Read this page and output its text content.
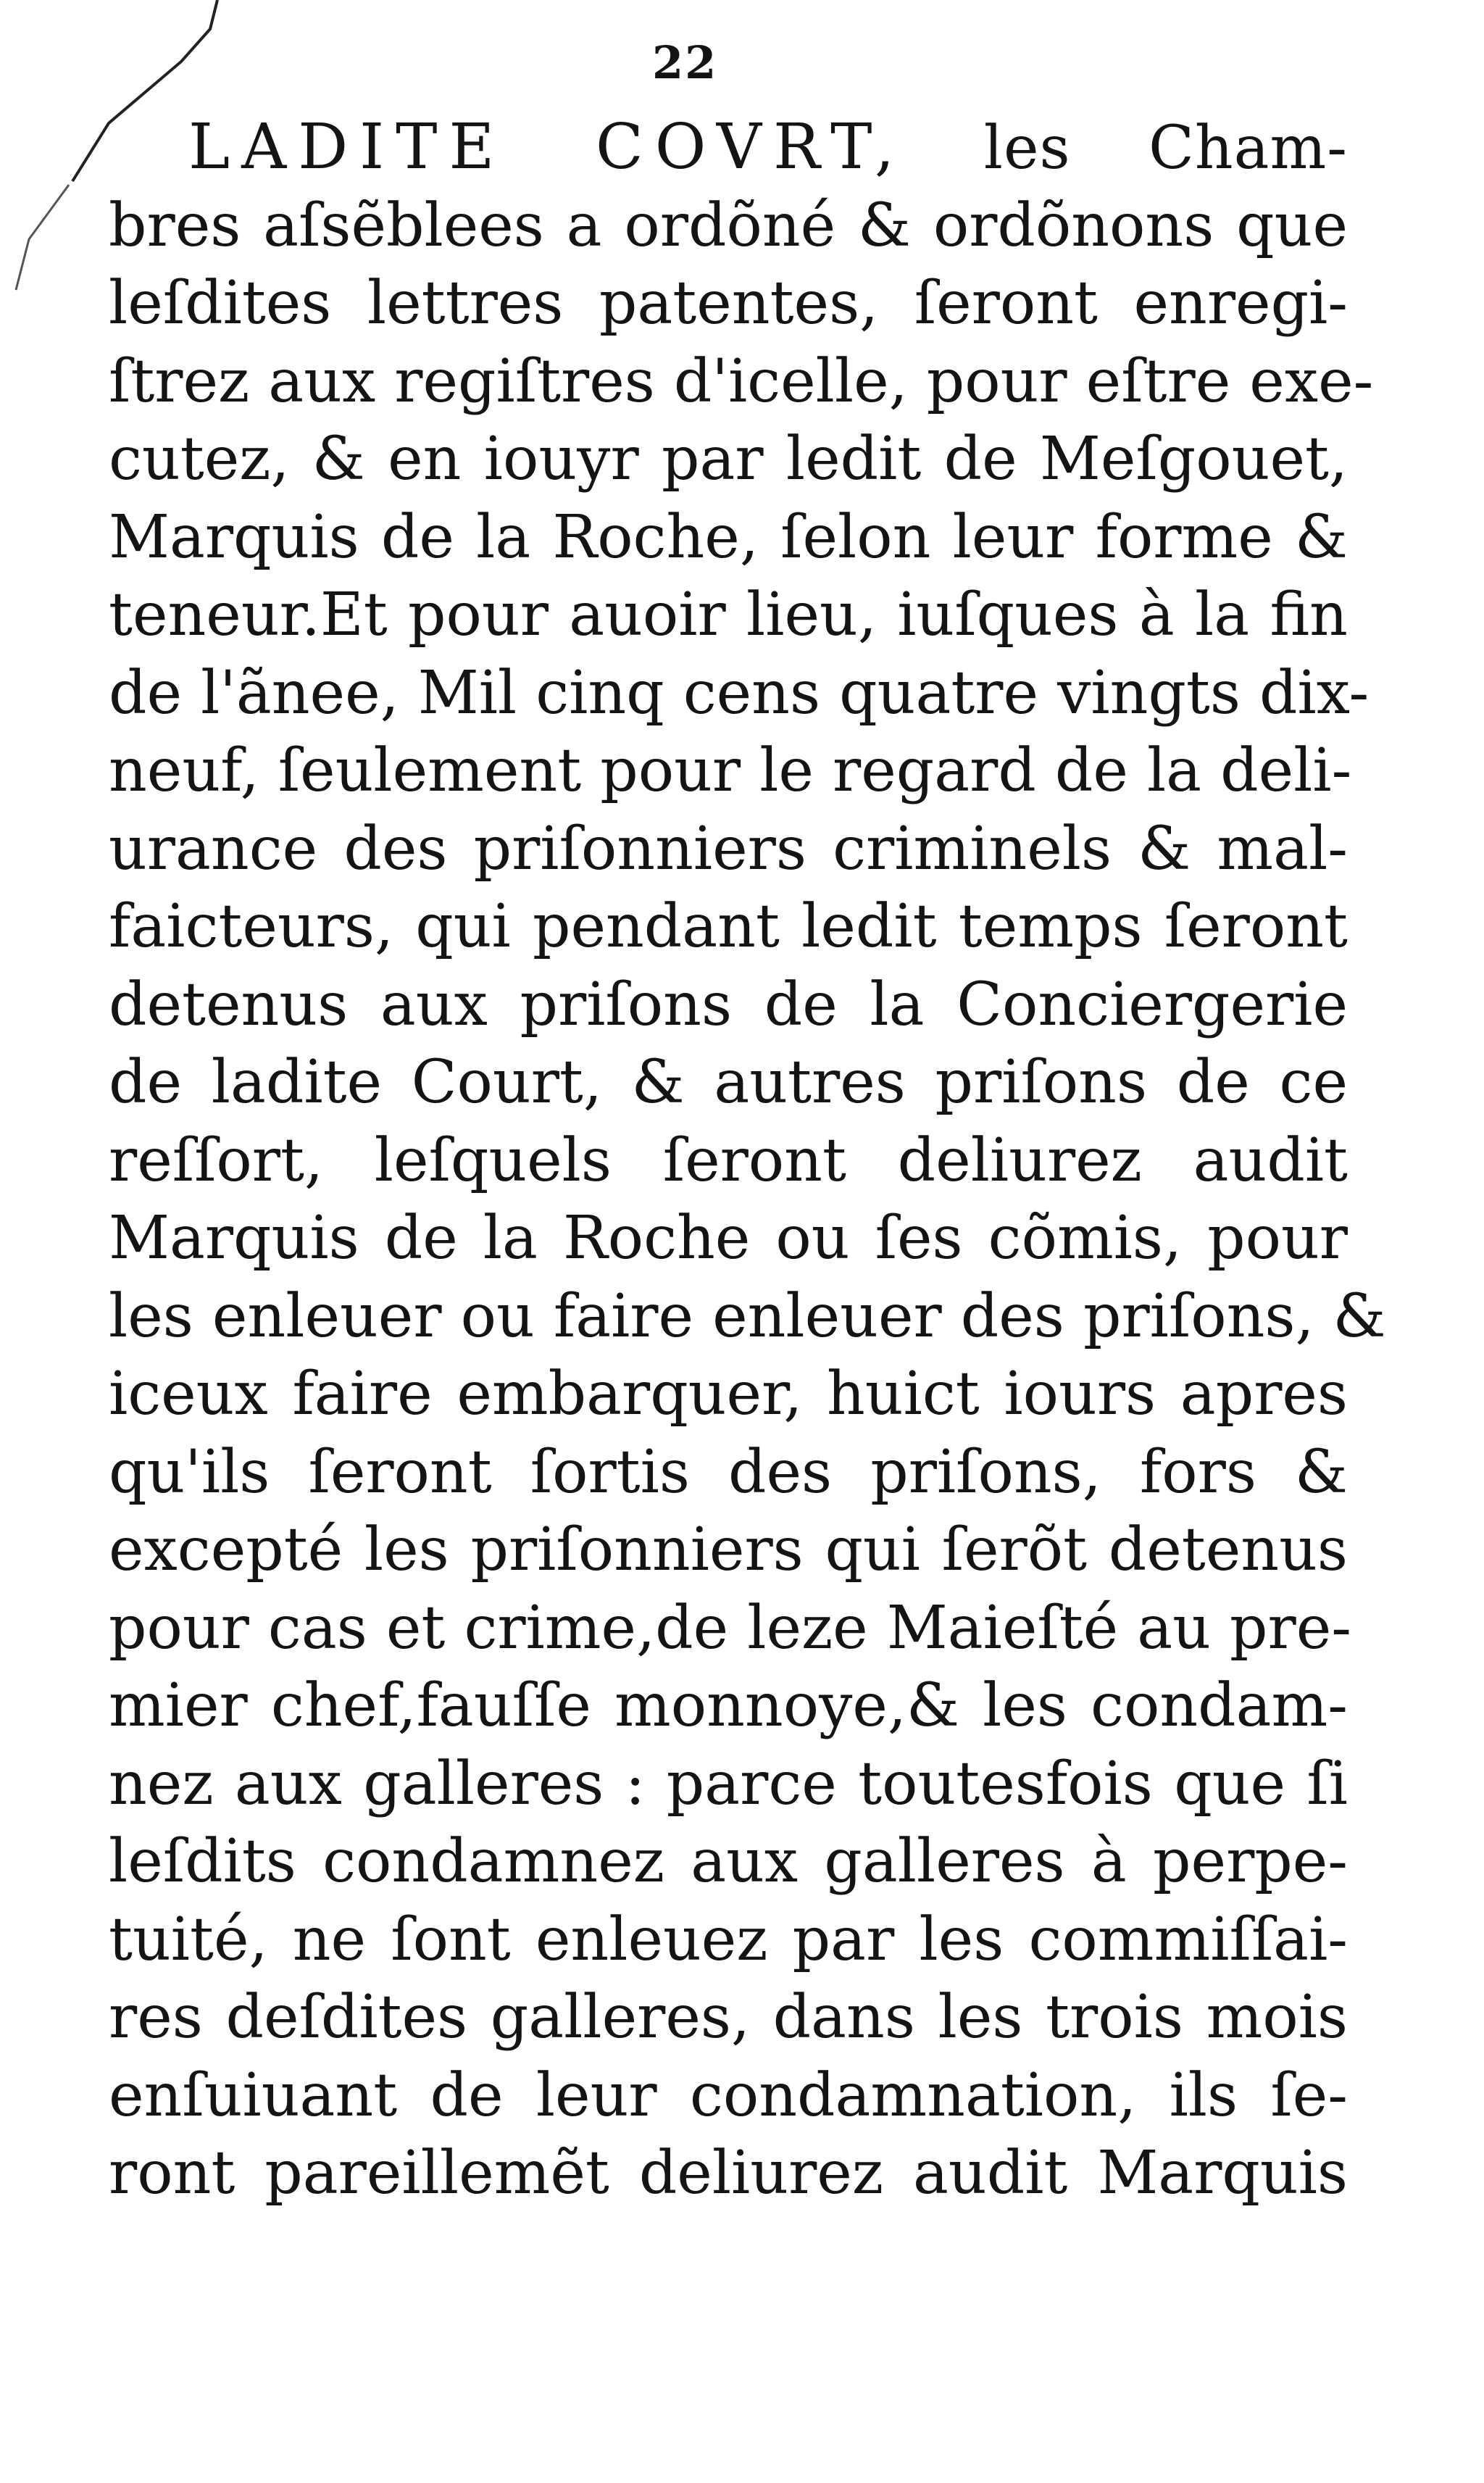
22
LADITE COVRT, les Cham-
bres aſsẽblees a ordõné & ordõnons que
leſdites lettres patentes, ſeront enregi-
ſtrez aux regiſtres d'icelle, pour eſtre exe-
cutez, & en iouyr par ledit de Meſgouet,
Marquis de la Roche, ſelon leur forme &
teneur.Et pour auoir lieu, iuſques à la fin
de l'ãnee, Mil cinq cens quatre vingts dix-
neuf, ſeulement pour le regard de la deli-
urance des priſonniers criminels & mal-
faicteurs, qui pendant ledit temps ſeront
detenus aux priſons de la Conciergerie
de ladite Court, & autres priſons de ce
reſſort, leſquels ſeront deliurez audit
Marquis de la Roche ou ſes cõmis, pour
les enleuer ou faire enleuer des priſons, &
iceux faire embarquer, huict iours apres
qu'ils ſeront ſortis des priſons, fors &
excepté les priſonniers qui ſerõt detenus
pour cas et crime,de leze Maieſté au pre-
mier chef,fauſſe monnoye,& les condam-
nez aux galleres : parce toutesfois que ſi
leſdits condamnez aux galleres à perpe-
tuité, ne ſont enleuez par les commiſſai-
res deſdites galleres, dans les trois mois
enſuiuant de leur condamnation, ils ſe-
ront pareillemẽt deliurez audit Marquis
